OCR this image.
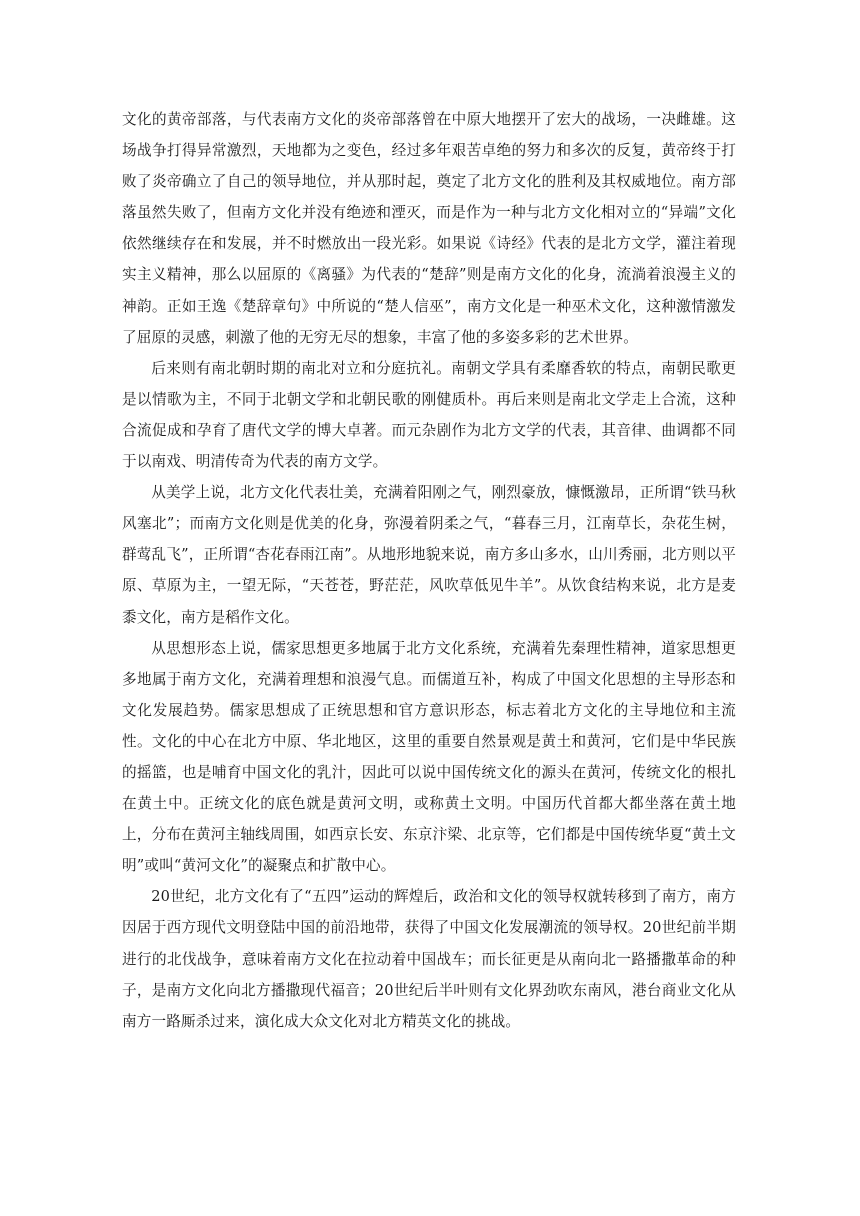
文化的黄帝部落，与代表南方文化的炎帝部落曾在中原大地摆开了宏大的战场，一决雌雄。这场战争打得异常激烈，天地都为之变色，经过多年艰苦卓绝的努力和多次的反复，黄帝终于打败了炎帝确立了自己的领导地位，并从那时起，奠定了北方文化的胜利及其权威地位。南方部落虽然失败了，但南方文化并没有绝迹和湮灭，而是作为一种与北方文化相对立的“异端”文化依然继续存在和发展，并不时燃放出一段光彩。如果说《诗经》代表的是北方文学，灌注着现实主义精神，那么以屈原的《离骚》为代表的“楚辞”则是南方文化的化身，流淌着浪漫主义的神韵。正如王逸《楚辞章句》中所说的“楚人信巫”，南方文化是一种巫术文化，这种激情激发了屈原的灵感，刺激了他的无穷无尽的想象，丰富了他的多姿多彩的艺术世界。

后来则有南北朝时期的南北对立和分庭抗礼。南朝文学具有柔靡香软的特点，南朝民歌更是以情歌为主，不同于北朝文学和北朝民歌的刚健质朴。再后来则是南北文学走上合流，这种合流促成和孕育了唐代文学的博大卓著。而元杂剧作为北方文学的代表，其音律、曲调都不同于以南戏、明清传奇为代表的南方文学。

从美学上说，北方文化代表壮美，充满着阳刚之气，刚烈豪放，慷慨激昂，正所谓“铁马秋风塞北”；而南方文化则是优美的化身，弥漫着阴柔之气，“暮春三月，江南草长，杂花生树，群莺乱飞”，正所谓“杏花春雨江南”。从地形地貌来说，南方多山多水，山川秀丽，北方则以平原、草原为主，一望无际，“天苍苍，野茫茫，风吹草低见牛羊”。从饮食结构来说，北方是麦黍文化，南方是稻作文化。

从思想形态上说，儒家思想更多地属于北方文化系统，充满着先秦理性精神，道家思想更多地属于南方文化，充满着理想和浪漫气息。而儒道互补，构成了中国文化思想的主导形态和文化发展趋势。儒家思想成了正统思想和官方意识形态，标志着北方文化的主导地位和主流性。文化的中心在北方中原、华北地区，这里的重要自然景观是黄土和黄河，它们是中华民族的摇篮，也是哺育中国文化的乳汁，因此可以说中国传统文化的源头在黄河，传统文化的根扎在黄土中。正统文化的底色就是黄河文明，或称黄土文明。中国历代首都大都坐落在黄土地上，分布在黄河主轴线周围，如西京长安、东京汴梁、北京等，它们都是中国传统华夏“黄土文明”或叫“黄河文化”的凝聚点和扩散中心。

20世纪，北方文化有了“五四”运动的辉煌后，政治和文化的领导权就转移到了南方，南方因居于西方现代文明登陆中国的前沿地带，获得了中国文化发展潮流的领导权。20世纪前半期进行的北伐战争，意味着南方文化在拉动着中国战车；而长征更是从南向北一路播撒革命的种子，是南方文化向北方播撒现代福音；20世纪后半叶则有文化界劲吹东南风，港台商业文化从南方一路厮杀过来，演化成大众文化对北方精英文化的挑战。
